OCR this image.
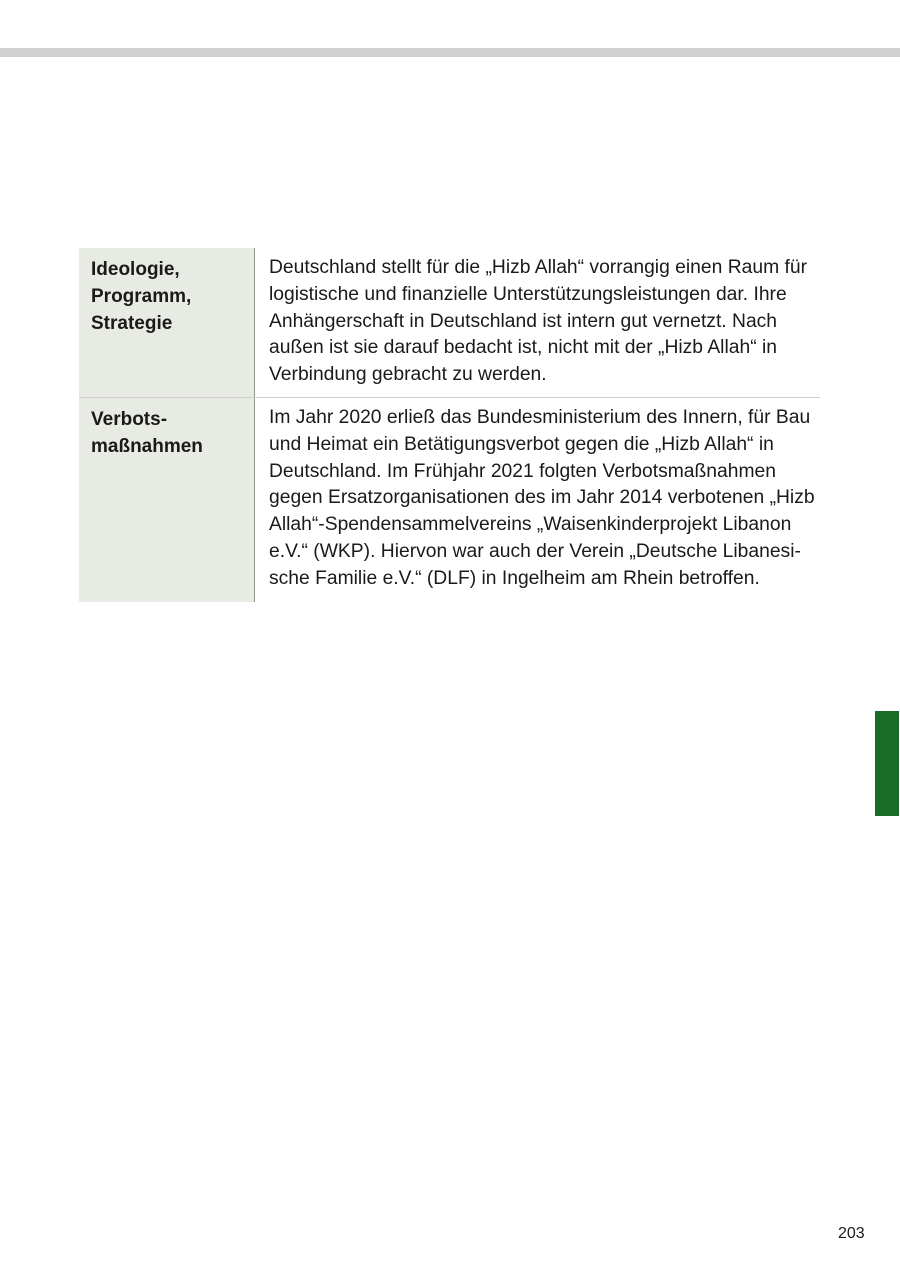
Ideologie,
Programm,
Strategie
Deutschland stellt für die „Hizb Allah“ vorrangig einen Raum für
logistische und finanzielle Unterstützungsleistungen dar. Ihre
Anhängerschaft in Deutschland ist intern gut vernetzt. Nach
außen ist sie darauf bedacht ist, nicht mit der „Hizb Allah“ in
Verbindung gebracht zu werden.
Verbots-
maßnahmen
Im Jahr 2020 erließ das Bundesministerium des Innern, für Bau
und Heimat ein Betätigungsverbot gegen die „Hizb Allah“ in
Deutschland. Im Frühjahr 2021 folgten Verbotsmaßnahmen
gegen Ersatzorganisationen des im Jahr 2014 verbotenen „Hizb
Allah“-Spendensammelvereins „Waisenkinderprojekt Libanon
e.V.“ (WKP). Hiervon war auch der Verein „Deutsche Libanesi-
sche Familie e.V.“ (DLF) in Ingelheim am Rhein betroffen.
203
